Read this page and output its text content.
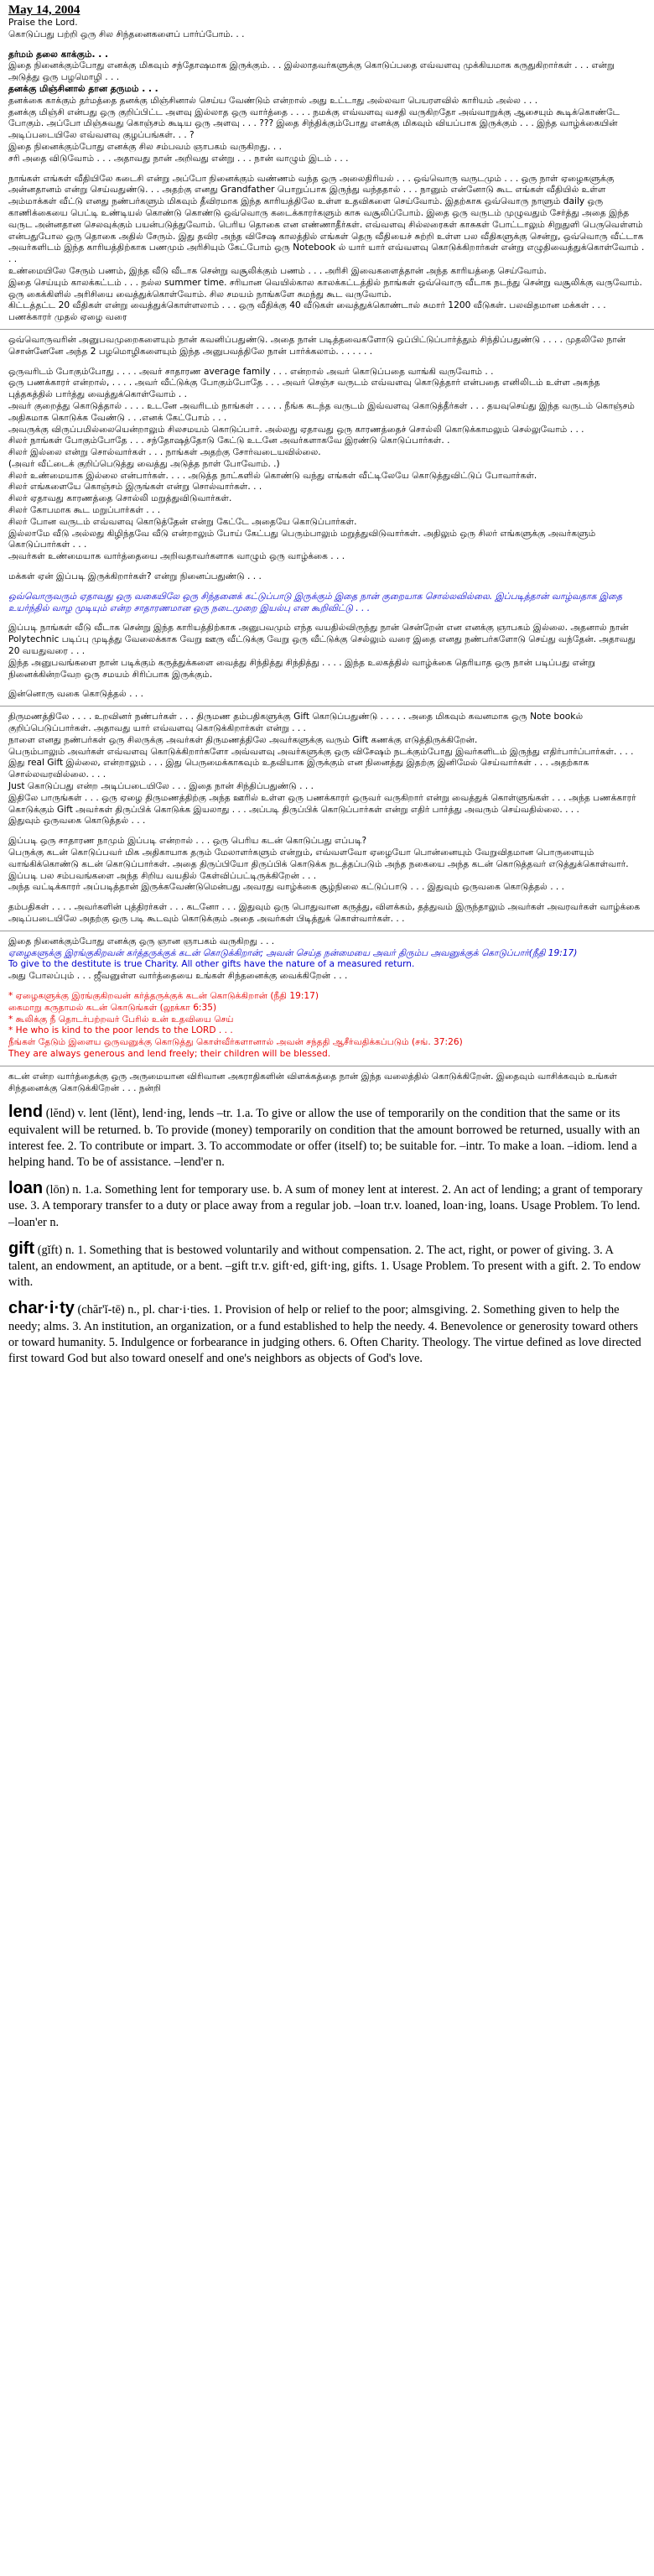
May 14, 2004
Praise the Lord.
கொடுப்பது பற்றி ஒரு சில சிந்தனைகளைப் பார்ப்போம். . .
தர்மம் தலை காக்கும். . .
இதை நினைக்கும்போது எனக்கு மிகவும் சந்தோஷமாக இருக்கும். . . இல்லாதவர்களுக்கு கொடுப்பதை எவ்வளவு முக்கியமாக கருதுகிறார்கள் . . . என்று
அடுத்து ஒரு பழமொழி . . .
தனக்கு மிஞ்சினால் தான தருமம் . . .
தனக்கை காக்கும் தர்மத்தை தனக்கு மிஞ்சினால் செய்ய வேண்டும் என்றால் அது உட்டாது அல்லவா பெயரளவில் காரியம் அல்ல . . .
தனக்கு மிஞ்சி என்பது ஒரு குறிப்பிட்ட அளவு இல்லாத ஒரு வார்த்தை . . . . நமக்கு எவ்வளவு வசதி வருகிறதோ அவ்வாறுக்கு ஆசையும் கூடிக்கொண்டே போகும். அப்போ மிஞ்சுவது கொஞ்சம் கூடிய ஒரு அளவு . . . ??? இதை சிந்திக்கும்போது எனக்கு மிகவும் வியப்பாக இருக்கும் . . . இந்த வாழ்க்கையின் அடிப்படையிலே எவ்வளவு குழப்பங்கள். . . ?
இதை நினைக்கும்போது எனக்கு சில சம்பவம் ஞாபகம் வருகிறது. . .
சரி அதை விடுவோம் . . . அதாவது நான் அறிவது என்று . . . நான் வாழும் இடம் . . .
நாங்கள் எங்கள் வீதியிலே கடைசி என்று அப்போ நினைக்கும் வண்ணம் வந்த ஒரு அலைதிரியல் . . . ஒவ்வொரு வருடமும் . . . ஒரு நாள் ஏழைகளுக்கு அன்னதானம் என்று செய்வதுண்டு. . . அதற்கு எனது Grandfather பொறுப்பாக இருந்து வந்ததால் . . . நானும் என்னோடு கூட எங்கள் வீதியில் உள்ள அம்மாக்கள் வீட்டு எனது நண்பர்களும் மிகவும் தீவிரமாக இந்த காரியத்திலே உள்ள உதவிகளை செய்வோம். இதற்காக ஒவ்வொரு நாளும் daily ஒரு காணிக்கையை பெட்டி உண்டியல் கொண்டு கொண்டு ஒவ்வொரு கடைக்காரர்களும் காசு வசூலிப்போம். இதை ஒரு வருடம் முழுவதும் சேர்த்து அதை இந்த வருட அன்னதான செலவுக்கும் பயன்படுத்துவோம். பெரிய தொகை என எண்ணாதீர்கள். எவ்வளவு சில்லரைகள் காசுகள் போட்டாலும் சிறுதுளி பெருவெள்ளம் என்பதுபோல ஒரு தொகை அதில் சேரும். இது தவிர அந்த விசேஷ காலத்தில் எங்கள் தெரு வீதியைச் சுற்றி உள்ள பல வீதிகளுக்கு சென்று, ஒவ்வொரு வீட்டாக அவர்களிடம் இந்த காரியத்திற்காக பணமும் அரிசியும் கேட்போம் ஒரு Notebook ல் யார் யார் எவ்வளவு கொடுக்கிறார்கள் என்று எழுதிவைத்துக்கொள்வோம் . . .
உண்மையிலே சேரும் பணம், இந்த வீடு வீடாக சென்று வசூலிக்கும் பணம் . . . அரிசி இவைகளைத்தான் அந்த காரியத்தை செய்வோம்.
இதை செய்யும் காலக்கட்டம் . . . நல்ல summer time. சரியான வெயில்கால காலக்கட்டத்தில் நாங்கள் ஒவ்வொரு வீடாக நடந்து சென்று வசூலிக்கு வருவோம். ஒரு கைக்கிளில் அரிசியை வைத்துக்கொள்வோம். சில சமயம் நாங்களே சுமந்து கூட வருவோம்.
கிட்டத்தட்ட 20 வீதிகள் என்று வைத்துக்கொள்ளலாம் . . . ஒரு வீதிக்கு 40 வீடுகள் வைத்துக்கொண்டால் சுமார் 1200 வீடுகள். பலவிதமான மக்கள் . . . பணக்காரர் முதல் ஏழை வரை
ஒவ்வொருவரின் அனுபவமுறைகளையும் நான் கவனிப்பதுண்டு. அதை நான் படித்தவைகளோடு ஒப்பிட்டுப்பார்த்தும் சிந்திப்பதுண்டு . . . . முதலிலே நான் சொன்னேனே அந்த 2 பழமொழிகளையும் இந்த அனுபவத்திலே நான் பார்க்கலாம். . . . . . .
ஒருவரிடம் போகும்போது . . . . அவர் சாதாரண average family . . . என்றால் அவர் கொடுப்பதை வாங்கி வருவோம் . .
ஒரு பணக்காரர் என்றால், . . . . அவர் வீட்டுக்கு போகும்போதே . . . அவர் செஞ்ச வருடம் எவ்வளவு கொடுத்தார் என்பதை எனிலிடம் உள்ள அகந்த புத்தகத்தில் பார்த்து வைத்துக்கொள்வோம் . .
அவர் குறைத்து கொடுத்தால் . . . . உடனே அவரிடம் நாங்கள் . . . . . நீங்க கடந்த வருடம் இவ்வளவு கொடுத்தீர்கள் . . . தயவுசெய்து இந்த வருடம் கொஞ்சம் அதிகமாக கொடுக்க வேண்டு . . .எனக் கேட்போம் . . .
அவருக்கு விருப்பமில்லையென்றாலும் சிலசமயம் கொடுப்பார். அல்லது ஏதாவது ஒரு காரணத்தைச் சொல்லி கொடுக்காமலும் செல்லுவோம் . . .
சிலர் நாங்கள் போகும்போதே . . . சந்தோஷத்தோடு கேட்டு உடனே அவர்களாகவே இரண்டு கொடுப்பார்கள். .
சிலர் இல்லை என்று சொல்வார்கள் . . . நாங்கள் அதற்கு சோர்வடையவில்லை.
(அவர் வீட்டைக் குறிப்பெடுத்து வைத்து அடுத்த நாள் போவோம். .)
சிலர் உண்மையாக இல்லை என்பார்கள். . . . அடுத்த நாட்களில் கொண்டு வந்து எங்கள் வீட்டிலேயே கொடுத்துவிட்டுப் போவார்கள்.
சிலர் எங்களையே கொஞ்சம் இருங்கள் என்று சொல்வார்கள். . .
சிலர் ஏதாவது காரணத்தை சொல்லி மறுத்துவிடுவார்கள்.
சிலர் கோபமாக கூட மறுப்பார்கள் . . .
சிலர் போன வருடம் எவ்வளவு கொடுத்தேன் என்று கேட்டே அதையே கொடுப்பார்கள்.
இல்லாமே வீடு அல்லது கிழிந்தவே வீடு என்றாலும் போய் கேட்பது பெரும்பாலும் மறுத்துவிடுவார்கள். அதிலும் ஒரு சிலர் எங்களுக்கு அவர்களும் கொடுப்பார்கள் . . .
அவர்கள் உண்மையாக வார்த்தையை அறிவதாவர்களாக வாழும் ஒரு வாழ்க்கை . . .
மக்கள் ஏன் இப்படி இருக்கிறார்கள்? என்று நினைப்பதுண்டு . . .
ஒவ்வொருவரும் ஏதாவது ஒரு வகையிலே ஒரு சிந்தனைக் கட்டுப்பாடு இருக்கும் இதை நான் குறையாக சொல்லவில்லை. இப்படித்தான் வாழ்வதாக இதை உயர்ந்தில் வாழ முடியும் என்ற சாதாரணமான ஒரு நடைமுறை இயல்பு என கூறிவிட்டு . . .
இப்படி நாங்கள் வீடு வீடாக சென்று இந்த காரியத்திற்காக அனுபவமும் எந்த வயதில்விருந்து நான் சென்றேன் என எனக்கு ஞாபகம் இல்லை. அதனால் நான் Polytechnic படிப்பு முடித்து வேலைக்காக வேறு ஊரு வீட்டுக்கு வேறு ஒரு வீட்டுக்கு செல்லும் வரை இதை எனது நண்பர்களோடு செய்து வந்தேன். அதாவது 20 வயதுவரை . . .
இந்த அனுபவங்களை நான் படிக்கும் கருத்துக்களை வைத்து சிந்தித்து சிந்தித்து . . . . இந்த உலகத்தில் வாழ்க்கை தெரியாத ஒரு நான் படிப்பது என்று நினைக்கின்றவேற ஒரு சமயம் சிரிப்பாக இருக்கும்.
இன்னொரு வகை கொடுத்தல் . . .
திருமணத்திலே . . . . உறவினர் நண்பர்கள் . . . திருமண தம்பதிகளுக்கு Gift கொடுப்பதுண்டு . . . . . அதை மிகவும் கவனமாக ஒரு Note bookல் குறிப்பெடுப்பார்கள். அதாவது யார் எவ்வளவு கொடுக்கிறார்கள் என்று . . .
நாளை எனது நண்பர்கள் ஒரு சிலருக்கு அவர்கள் திருமணத்திலே அவர்களுக்கு வரும் Gift கணக்கு எடுத்திருக்கிறேன்.
பெரும்பாலும் அவர்கள் எவ்வளவு கொடுக்கிறார்களோ அவ்வளவு அவர்களுக்கு ஒரு விசேஷம் நடக்கும்போது இவர்களிடம் இருந்து எதிர்பார்ப்பார்கள். . . .
இது real Gift இல்லை, என்றாலும் . . . இது பெருமைக்காகவும் உதவியாக இருக்கும் என நினைத்து இதற்கு இனிமேல் செய்வார்கள் . . . அதற்காக சொல்லவரவில்லை. . . .
Just கொடுப்பது என்ற அடிப்படையிலே . . . இதை நான் சிந்திப்பதுண்டு . . .
இதிலே பாருங்கள் . . . ஒரு ஏழை திருமணத்திற்கு அந்த ஊரில் உள்ள ஒரு பணக்காரர் ஒருவர் வருகிறார் என்று வைத்துக் கொள்ளுங்கள் . . . அந்த பணக்காரர் கொடுக்கும் Gift அவர்கள் திருப்பிக் கொடுக்க இயலாது . . . அப்படி திருப்பிக் கொடுப்பார்கள் என்று எதிர் பார்த்து அவரும் செய்வதில்லை. . . .
இதுவும் ஒருவகை கொடுத்தல் . . .
இப்படி ஒரு சாதாரண நாமும் இப்படி என்றால் . . . ஒரு பெரிய கடன் கொடுப்பது எப்படி?
பெருக்கு கடன் கொடுப்பவர் மிக அதிகாயாக தரும் மேலாளர்களும் என்றும், எவ்வளவோ ஏழையோ பொன்னையும் வேறுவிதமான பொருளையும் வாங்கிக்கொண்டு கடன் கொடுப்பார்கள். அதை திருப்பியோ திருப்பிக் கொடுக்க நடத்தப்படும் அந்த நகையை அந்த கடன் கொடுத்தவர் எடுத்துக்கொள்வார். இப்படி பல சம்பவங்களை அந்த சிறிய வயதில் கேள்விப்பட்டிருக்கிறேன் . . .
அந்த வட்டிக்காரர் அப்படித்தான் இருக்கவேண்டுமென்பது அவரது வாழ்க்கை சூழ்நிலை கட்டுப்பாடு . . . இதுவும் ஒருவகை கொடுத்தல் . . .
தம்பதிகள் . . . . அவர்களின் புத்திரர்கள் . . . கடனோ . . . இதுவும் ஒரு பொதுவான கருத்து, விளக்கம், தத்துவம் இருந்தாலும் அவர்கள் அவரவர்கள் வாழ்க்கை அடிப்படையிலே அதற்கு ஒரு படி கூடவும் கொடுக்கும் அதை அவர்கள் பிடித்துக் கொள்வார்கள். . .
இதை நினைக்கும்போது எனக்கு ஒரு ஞான ஞாபகம் வருகிறது . . .
ஏழைகளுக்கு இரங்குகிறவன் கர்த்தருக்குக் கடன் கொடுக்கிறான்; அவன் செய்த நன்மையை அவர் திரும்ப அவனுக்குக் கொடுப்பார்(நீதி 19:17)
To give to the destitute is true Charity. All other gifts have the nature of a measured return.
அது போலப்பும் . . . ஜீவனுள்ள வார்த்தையை உங்கள் சிந்தனைக்கு வைக்கிறேன் . . .
* ஏழைகளுக்கு இரங்குகிறவன் கர்த்தருக்குக் கடன் கொடுக்கிறான் (நீதி 19:17)
கைமாறு கருதாமல் கடன் கொடுங்கள் (லூக்கா 6:35)
* கூலிக்கு நீ தொடர்பற்றவர் பேரில் உன் உதவியை செய்
* He who is kind to the poor lends to the LORD . . .
நீங்கள் தேடும் இளைய ஒருவனுக்கு கொடுத்து கொள்வீர்களானால் அவன் சந்ததி ஆசீர்வதிக்கப்படும் (சங். 37:26)
They are always generous and lend freely; their children will be blessed.
கடன் என்ற வார்த்தைக்கு ஒரு அருமையான விரிவான அகராதிகளின் விளக்கத்தை நான் இந்த வலைத்தில் கொடுக்கிறேன். இதைவும் வாசிக்கவும் உங்கள் சிந்தனைக்கு கொடுக்கிறேன் . . . நன்றி
lend (lĕnd) v. lent (lĕnt), lend·ing, lends –tr. 1.a. To give or allow the use of temporarily on the condition that the same or its equivalent will be returned. b. To provide (money) temporarily on condition that the amount borrowed be returned, usually with an interest fee. 2. To contribute or impart. 3. To accommodate or offer (itself) to; be suitable for. –intr. To make a loan. –idiom. lend a helping hand. To be of assistance. –lend'er n.
loan (lōn) n. 1.a. Something lent for temporary use. b. A sum of money lent at interest. 2. An act of lending; a grant of temporary use. 3. A temporary transfer to a duty or place away from a regular job. –loan tr.v. loaned, loan·ing, loans. Usage Problem. To lend. –loan'er n.
gift (gĭft) n. 1. Something that is bestowed voluntarily and without compensation. 2. The act, right, or power of giving. 3. A talent, an endowment, an aptitude, or a bent. –gift tr.v. gift·ed, gift·ing, gifts. 1. Usage Problem. To present with a gift. 2. To endow with.
char·i·ty (chăr'ĭ-tē) n., pl. char·i·ties. 1. Provision of help or relief to the poor; almsgiving. 2. Something given to help the needy; alms. 3. An institution, an organization, or a fund established to help the needy. 4. Benevolence or generosity toward others or toward humanity. 5. Indulgence or forbearance in judging others. 6. Often Charity. Theology. The virtue defined as love directed first toward God but also toward oneself and one's neighbors as objects of God's love.
